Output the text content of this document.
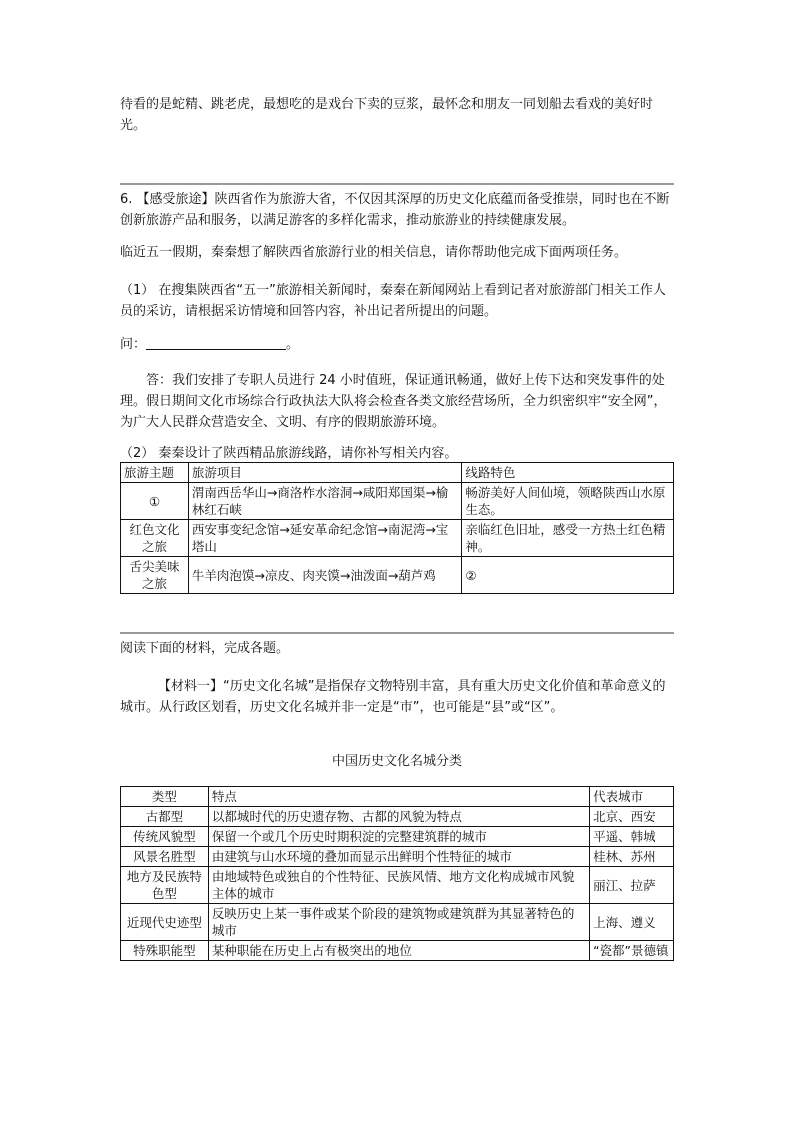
待看的是蛇精、跳老虎，最想吃的是戏台下卖的豆浆，最怀念和朋友一同划船去看戏的美好时光。

6. 【感受旅途】陕西省作为旅游大省，不仅因其深厚的历史文化底蕴而备受推崇，同时也在不断创新旅游产品和服务，以满足游客的多样化需求，推动旅游业的持续健康发展。

临近五一假期，秦秦想了解陕西省旅游行业的相关信息，请你帮助他完成下面两项任务。

（1） 在搜集陕西省“五一”旅游相关新闻时，秦秦在新闻网站上看到记者对旅游部门相关工作人员的采访，请根据采访情境和回答内容，补出记者所提出的问题。

问：	。

答：我们安排了专职人员进行 24 小时值班，保证通讯畅通，做好上传下达和突发事件的处理。假日期间文化市场综合行政执法大队将会检查各类文旅经营场所，全力织密织牢“安全网”，为广大人民群众营造安全、文明、有序的假期旅游环境。

（2） 秦秦设计了陕西精品旅游线路，请你补写相关内容。

旅游主题	旅游项目	线路特色
①	渭南西岳华山→商洛柞水溶洞→咸阳郑国渠→榆林红石峡	畅游美好人间仙境，领略陕西山水原生态。
红色文化之旅	西安事变纪念馆→延安革命纪念馆→南泥湾→宝塔山	亲临红色旧址，感受一方热土红色精神。
舌尖美味之旅	牛羊肉泡馍→凉皮、肉夹馍→油泼面→葫芦鸡	②

阅读下面的材料，完成各题。

【材料一】“历史文化名城”是指保存文物特别丰富，具有重大历史文化价值和革命意义的城市。从行政区划看，历史文化名城并非一定是“市”，也可能是“县”或“区”。

中国历史文化名城分类
类型	特点	代表城市
古都型	以都城时代的历史遗存物、古都的风貌为特点	北京、西安
传统风貌型	保留一个或几个历史时期积淀的完整建筑群的城市	平遥、韩城
风景名胜型	由建筑与山水环境的叠加而显示出鲜明个性特征的城市	桂林、苏州
地方及民族特色型	由地域特色或独自的个性特征、民族风情、地方文化构成城市风貌主体的城市	丽江、拉萨
近现代史迹型	反映历史上某一事件或某个阶段的建筑物或建筑群为其显著特色的城市	上海、遵义
特殊职能型	某种职能在历史上占有极突出的地位	“瓷都”景德镇
